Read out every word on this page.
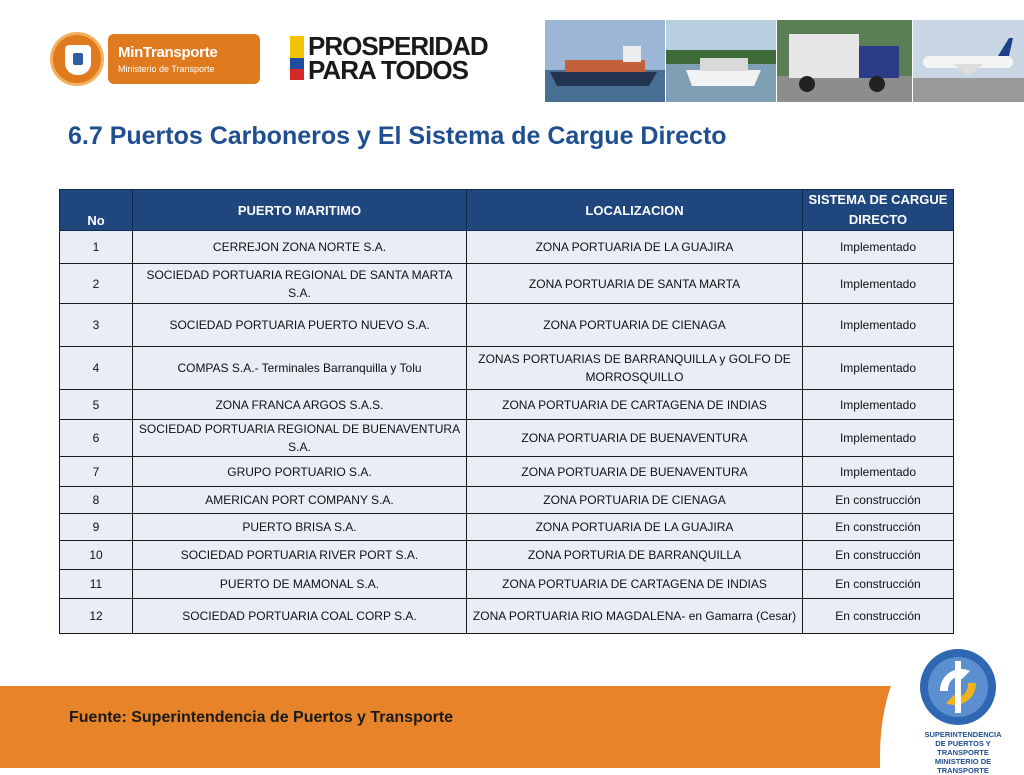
MinTransporte
Ministerio de Transporte
PROSPERIDAD
PARA TODOS
6.7 Puertos Carboneros y El Sistema de Cargue Directo
No	PUERTO MARITIMO	LOCALIZACION	SISTEMA DE CARGUE
DIRECTO
1	CERREJON ZONA NORTE S.A.	ZONA PORTUARIA DE LA GUAJIRA	Implementado
2	SOCIEDAD PORTUARIA REGIONAL DE SANTA MARTA S.A.	ZONA PORTUARIA DE SANTA MARTA	Implementado
3	SOCIEDAD PORTUARIA PUERTO NUEVO S.A.	ZONA PORTUARIA DE CIENAGA	Implementado
4	COMPAS S.A.- Terminales Barranquilla y Tolu	ZONAS PORTUARIAS DE BARRANQUILLA y GOLFO DE
MORROSQUILLO	Implementado
5	ZONA FRANCA ARGOS S.A.S.	ZONA PORTUARIA DE CARTAGENA DE INDIAS	Implementado
6	SOCIEDAD PORTUARIA REGIONAL DE BUENAVENTURA S.A.	ZONA PORTUARIA DE BUENAVENTURA	Implementado
7	GRUPO PORTUARIO S.A.	ZONA PORTUARIA DE BUENAVENTURA	Implementado
8	AMERICAN PORT COMPANY S.A.	ZONA PORTUARIA DE CIENAGA	En construcción
9	PUERTO BRISA S.A.	ZONA PORTUARIA DE LA GUAJIRA	En construcción
10	SOCIEDAD PORTUARIA RIVER PORT S.A.	ZONA PORTURIA DE BARRANQUILLA	En construcción
11	PUERTO DE MAMONAL S.A.	ZONA PORTUARIA DE CARTAGENA DE INDIAS	En construcción
12	SOCIEDAD PORTUARIA COAL CORP S.A.	ZONA PORTUARIA RIO MAGDALENA- en Gamarra (Cesar)	En construcción
Fuente: Superintendencia de Puertos y Transporte
SUPERINTENDENCIA
DE PUERTOS Y TRANSPORTE
MINISTERIO DE TRANSPORTE
